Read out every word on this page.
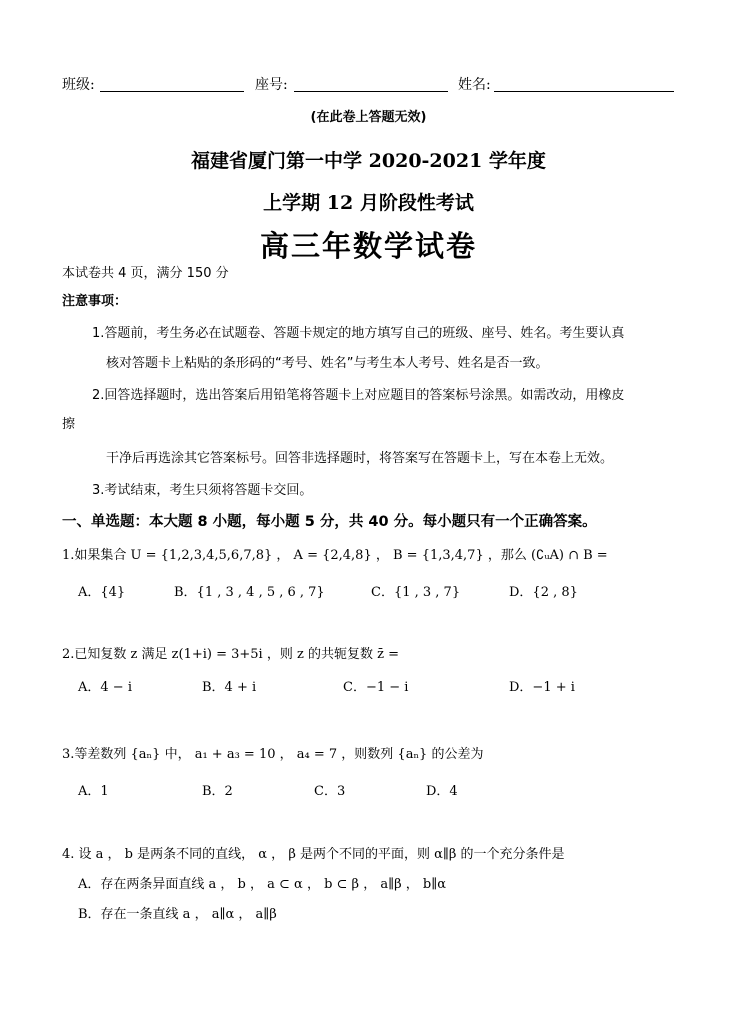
班级:	座号:	姓名:
(在此卷上答题无效)
福建省厦门第一中学 2020-2021 学年度
上学期 12 月阶段性考试
高三年数学试卷
本试卷共 4 页，满分 150 分
注意事项：
1.答题前，考生务必在试题卷、答题卡规定的地方填写自己的班级、座号、姓名。考生要认真
核对答题卡上粘贴的条形码的“考号、姓名”与考生本人考号、姓名是否一致。
2.回答选择题时，选出答案后用铅笔将答题卡上对应题目的答案标号涂黑。如需改动，用橡皮
擦
干净后再选涂其它答案标号。回答非选择题时，将答案写在答题卡上，写在本卷上无效。
3.考试结束，考生只须将答题卡交回。
一、单选题：本大题 8 小题，每小题 5 分，共 40 分。每小题只有一个正确答案。
1.如果集合 U = {1,2,3,4,5,6,7,8} ， A = {2,4,8} ， B = {1,3,4,7} ，那么 (∁ᵤA) ∩ B =
A．{4}	B．{1 , 3 , 4 , 5 , 6 , 7}	C．{1 , 3 , 7}	D．{2 , 8}
2.已知复数 z 满足 z(1+i) = 3+5i ，则 z 的共轭复数 z̄ =
A．4 − i	B．4 + i	C．−1 − i	D．−1 + i
3.等差数列 {aₙ} 中， a₁ + a₃ = 10 ， a₄ = 7 ，则数列 {aₙ} 的公差为
A．1	B．2	C．3	D．4
4. 设 a ， b 是两条不同的直线， α ， β 是两个不同的平面，则 α∥β 的一个充分条件是
A．存在两条异面直线 a ， b ， a ⊂ α ， b ⊂ β ， a∥β ， b∥α
B．存在一条直线 a ， a∥α ， a∥β
